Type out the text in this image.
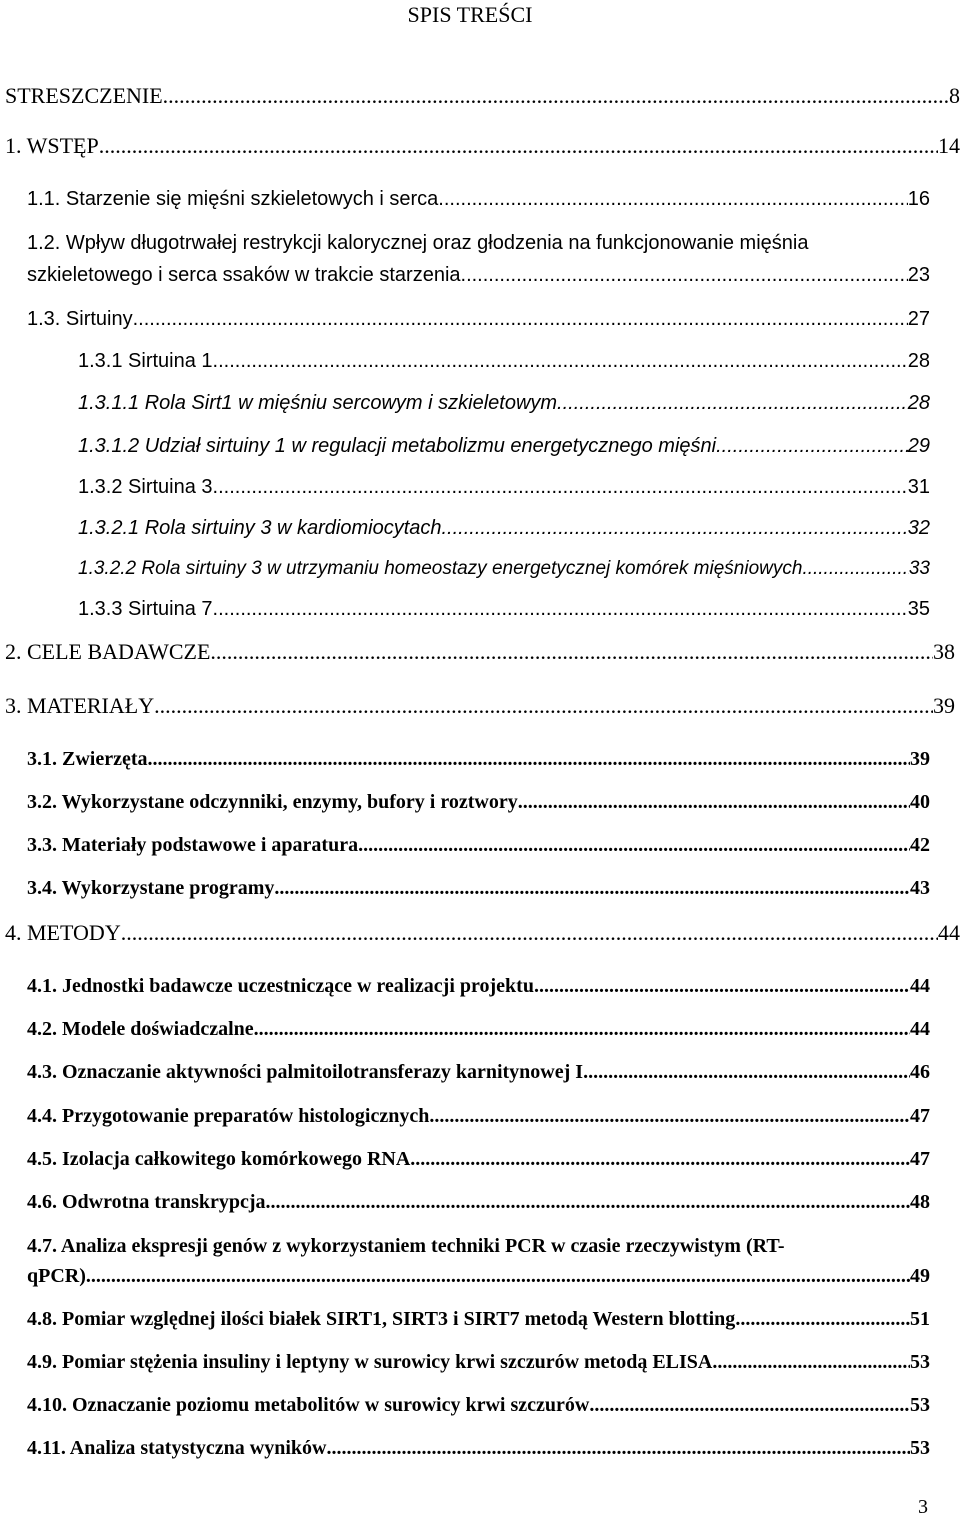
SPIS TREŚCI
STRESZCZENIE .....	8
1. WSTĘP .....	14
1.1. Starzenie się mięśni szkieletowych i serca .....	16
1.2. Wpływ długotrwałej restrykcji kalorycznej oraz głodzenia na funkcjonowanie mięśnia
szkieletowego i serca ssaków w trakcie starzenia .....	23
1.3. Sirtuiny .....	27
1.3.1 Sirtuina 1 .....	28
1.3.1.1 Rola Sirt1 w mięśniu sercowym i szkieletowym .....	28
1.3.1.2 Udział sirtuiny 1 w regulacji metabolizmu energetycznego mięśni .....	29
1.3.2 Sirtuina 3 .....	31
1.3.2.1 Rola sirtuiny 3 w kardiomiocytach .....	32
1.3.2.2 Rola sirtuiny 3 w utrzymaniu homeostazy energetycznej komórek mięśniowych .....	33
1.3.3 Sirtuina 7 .....	35
2. CELE BADAWCZE .....	38
3. MATERIAŁY .....	39
3.1. Zwierzęta .....	39
3.2. Wykorzystane odczynniki, enzymy, bufory i roztwory .....	40
3.3. Materiały podstawowe i aparatura .....	42
3.4. Wykorzystane programy .....	43
4. METODY .....	44
4.1. Jednostki badawcze uczestniczące w realizacji projektu .....	44
4.2. Modele doświadczalne .....	44
4.3. Oznaczanie aktywności palmitoilotransferazy karnitynowej I .....	46
4.4. Przygotowanie preparatów histologicznych .....	47
4.5. Izolacja całkowitego komórkowego RNA .....	47
4.6. Odwrotna transkrypcja .....	48
4.7. Analiza ekspresji genów z wykorzystaniem techniki PCR w czasie rzeczywistym (RT-
qPCR) .....	49
4.8. Pomiar względnej ilości białek SIRT1, SIRT3 i SIRT7 metodą Western blotting .....	51
4.9. Pomiar stężenia insuliny i leptyny w surowicy krwi szczurów metodą ELISA .....	53
4.10. Oznaczanie poziomu metabolitów w surowicy krwi szczurów .....	53
4.11. Analiza statystyczna wyników .....	53
3
